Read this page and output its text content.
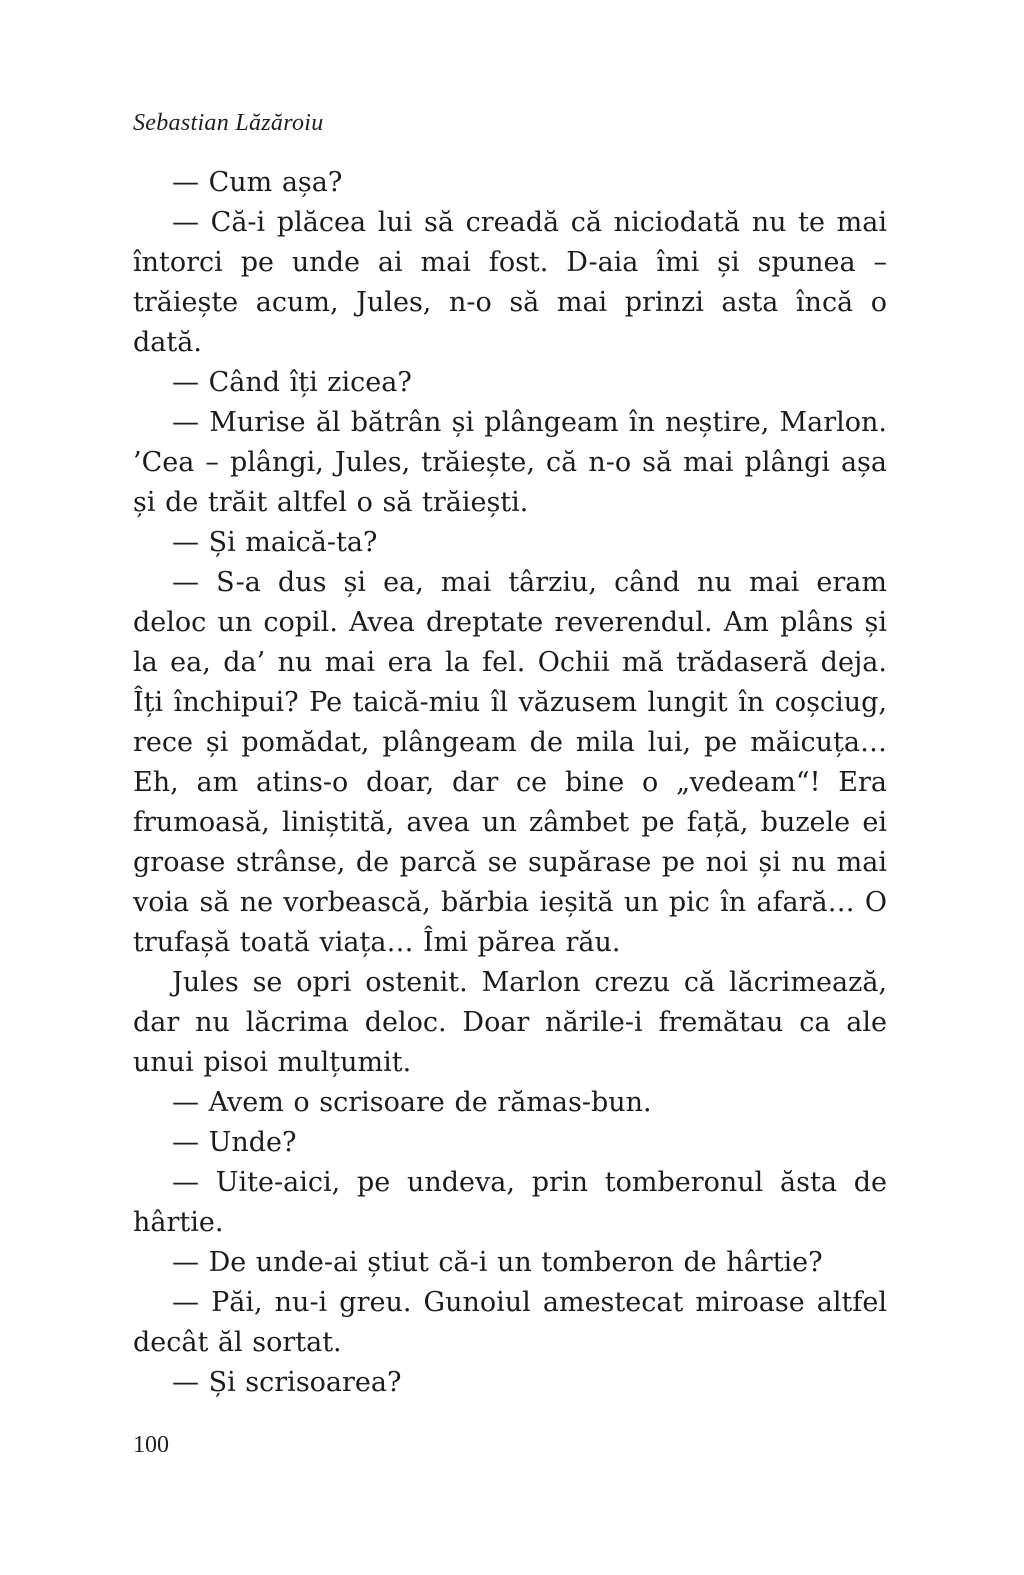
Sebastian Lăzăroiu

— Cum așa?

— Că-i plăcea lui să creadă că niciodată nu te mai întorci pe unde ai mai fost. D-aia îmi și spunea – trăiește acum, Jules, n-o să mai prinzi asta încă o dată.

— Când îți zicea?

— Murise ăl bătrân și plângeam în neștire, Marlon. ’Cea – plângi, Jules, trăiește, că n-o să mai plângi așa și de trăit altfel o să trăiești.

— Și maică-ta?

— S-a dus și ea, mai târziu, când nu mai eram deloc un copil. Avea dreptate reverendul. Am plâns și la ea, da’ nu mai era la fel. Ochii mă trădaseră deja. Îți închipui? Pe taică-miu îl văzusem lungit în coșciug, rece și pomădat, plângeam de mila lui, pe măicuța… Eh, am atins-o doar, dar ce bine o „vedeam“! Era frumoasă, liniștită, avea un zâmbet pe față, buzele ei groase strânse, de parcă se supărase pe noi și nu mai voia să ne vorbească, bărbia ieșită un pic în afară… O trufașă toată viața… Îmi părea rău.

Jules se opri ostenit. Marlon crezu că lăcrimează, dar nu lăcrima deloc. Doar nările-i fremătau ca ale unui pisoi mulțumit.

— Avem o scrisoare de rămas-bun.

— Unde?

— Uite-aici, pe undeva, prin tomberonul ăsta de hârtie.

— De unde-ai știut că-i un tomberon de hârtie?

— Păi, nu-i greu. Gunoiul amestecat miroase altfel decât ăl sortat.

— Și scrisoarea?

100
